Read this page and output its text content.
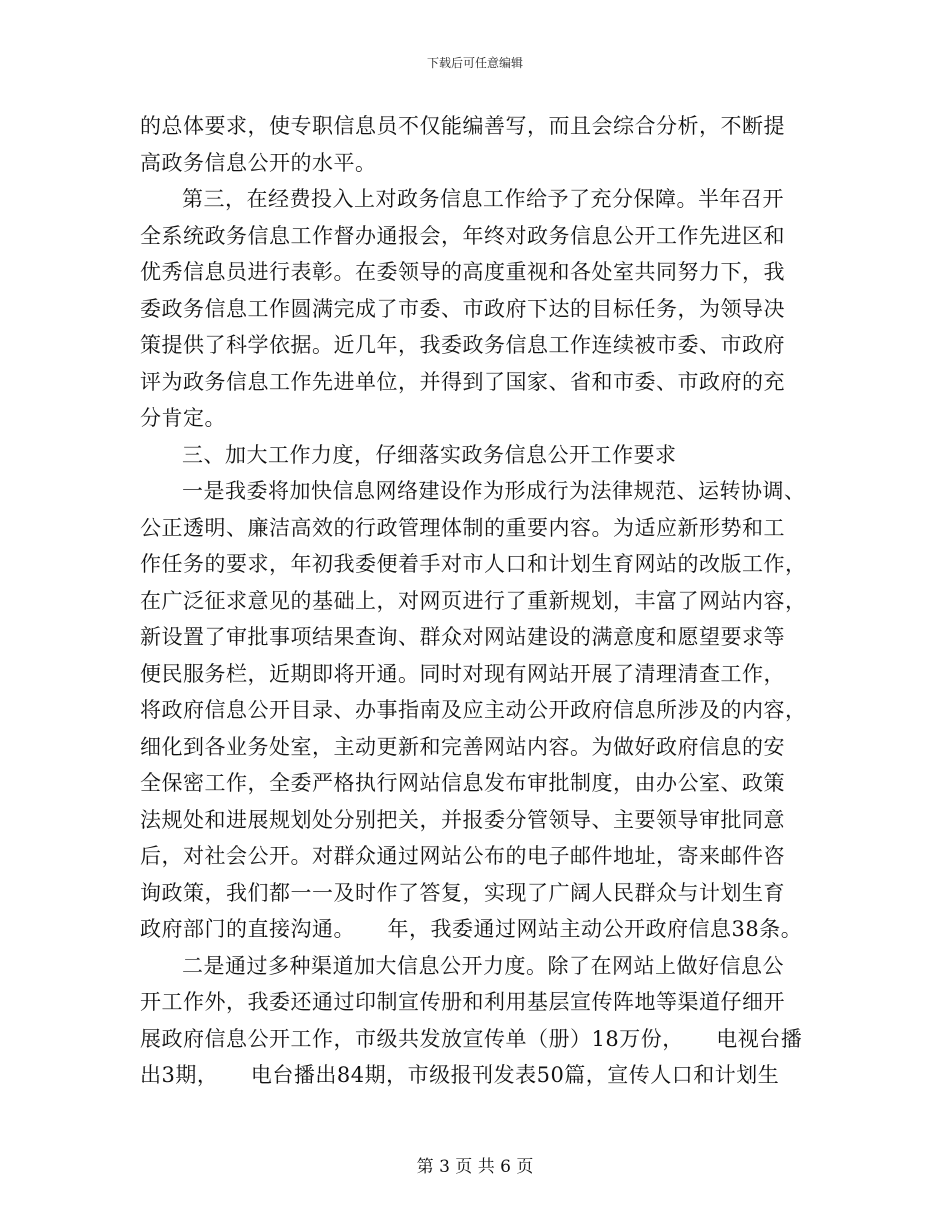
下载后可任意编辑
的总体要求，使专职信息员不仅能编善写，而且会综合分析，不断提
高政务信息公开的水平。
第三，在经费投入上对政务信息工作给予了充分保障。半年召开
全系统政务信息工作督办通报会，年终对政务信息公开工作先进区和
优秀信息员进行表彰。在委领导的高度重视和各处室共同努力下，我
委政务信息工作圆满完成了市委、市政府下达的目标任务，为领导决
策提供了科学依据。近几年，我委政务信息工作连续被市委、市政府
评为政务信息工作先进单位，并得到了国家、省和市委、市政府的充
分肯定。
三、加大工作力度，仔细落实政务信息公开工作要求
一是我委将加快信息网络建设作为形成行为法律规范、运转协调、
公正透明、廉洁高效的行政管理体制的重要内容。为适应新形势和工
作任务的要求，年初我委便着手对市人口和计划生育网站的改版工作，
在广泛征求意见的基础上，对网页进行了重新规划，丰富了网站内容，
新设置了审批事项结果查询、群众对网站建设的满意度和愿望要求等
便民服务栏，近期即将开通。同时对现有网站开展了清理清查工作，
将政府信息公开目录、办事指南及应主动公开政府信息所涉及的内容，
细化到各业务处室，主动更新和完善网站内容。为做好政府信息的安
全保密工作，全委严格执行网站信息发布审批制度，由办公室、政策
法规处和进展规划处分别把关，并报委分管领导、主要领导审批同意
后，对社会公开。对群众通过网站公布的电子邮件地址，寄来邮件咨
询政策，我们都一一及时作了答复，实现了广阔人民群众与计划生育
政府部门的直接沟通。　　年，我委通过网站主动公开政府信息38条。
二是通过多种渠道加大信息公开力度。除了在网站上做好信息公
开工作外，我委还通过印制宣传册和利用基层宣传阵地等渠道仔细开
展政府信息公开工作，市级共发放宣传单（册）18万份，　　电视台播
出3期，　　电台播出84期，市级报刊发表50篇，宣传人口和计划生
第 3 页 共 6 页
